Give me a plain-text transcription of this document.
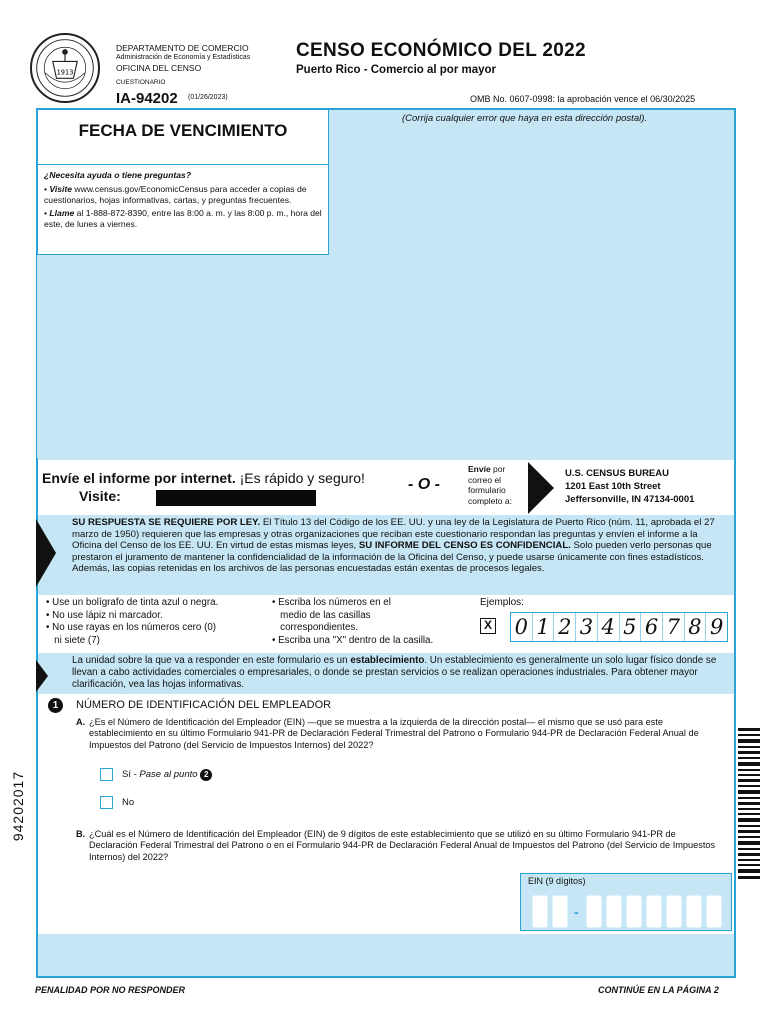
1913
DEPARTAMENTO DE COMERCIO
Administración de Economía y Estadísticas
OFICINA DEL CENSO
CUESTIONARIO
IA-94202 (01/26/2023)
CENSO ECONÓMICO DEL 2022
Puerto Rico - Comercio al por mayor
OMB No. 0607-0998: la aprobación vence el 06/30/2025
FECHA DE VENCIMIENTO
¿Necesita ayuda o tiene preguntas?
• Visite www.census.gov/EconomicCensus para acceder a copias de cuestionarios, hojas informativas, cartas, y preguntas frecuentes.
• Llame al 1-888-872-8390, entre las 8:00 a. m. y las 8:00 p. m., hora del este, de lunes a viernes.
(Corrija cualquier error que haya en esta dirección postal).
Envíe el informe por internet. ¡Es rápido y seguro!
Visite:	https://portal.census.gov
- O -
Envíe por correo el formulario completo a:
U.S. CENSUS BUREAU
1201 East 10th Street
Jeffersonville, IN 47134-0001
SU RESPUESTA SE REQUIERE POR LEY. El Título 13 del Código de los EE. UU. y una ley de la Legislatura de Puerto Rico (núm. 11, aprobada el 27 marzo de 1950) requieren que las empresas y otras organizaciones que reciban este cuestionario respondan las preguntas y envíen el informe a la Oficina del Censo de los EE. UU. En virtud de estas mismas leyes, SU INFORME DEL CENSO ES CONFIDENCIAL. Solo pueden verlo personas que prestaron el juramento de mantener la confidencialidad de la información de la Oficina del Censo, y puede usarse únicamente con fines estadísticos. Además, las copias retenidas en los archivos de las personas encuestadas están exentas de procesos legales.
• Use un bolígrafo de tinta azul o negra.
• No use lápiz ni marcador.
• No use rayas en los números cero (0)
ni siete (7)
• Escriba los números en el
medio de las casillas
correspondientes.
• Escriba una "X" dentro de la casilla.
Ejemplos:
X 0 1 2 3 4 5 6 7 8 9
La unidad sobre la que va a responder en este formulario es un establecimiento. Un establecimiento es generalmente un solo lugar físico donde se llevan a cabo actividades comerciales o empresariales, o donde se prestan servicios o se realizan operaciones industriales. Para obtener mayor clarificación, vea las hojas informativas.
1	NÚMERO DE IDENTIFICACIÓN DEL EMPLEADOR
A. ¿Es el Número de Identificación del Empleador (EIN) —que se muestra a la izquierda de la dirección postal— el mismo que se usó para este establecimiento en su último Formulario 941-PR de Declaración Federal Trimestral del Patrono o Formulario 944-PR de Declaración Federal Anual de Impuestos del Patrono (del Servicio de Impuestos Internos) del 2022?
Sí - Pase al punto 2
No
B. ¿Cuál es el Número de Identificación del Empleador (EIN) de 9 dígitos de este establecimiento que se utilizó en su último Formulario 941-PR de Declaración Federal Trimestral del Patrono o en el Formulario 944-PR de Declaración Federal Anual de Impuestos del Patrono (del Servicio de Impuestos Internos) del 2022?
EIN (9 dígitos)
-
94202017
PENALIDAD POR NO RESPONDER	CONTINÚE EN LA PÁGINA 2
